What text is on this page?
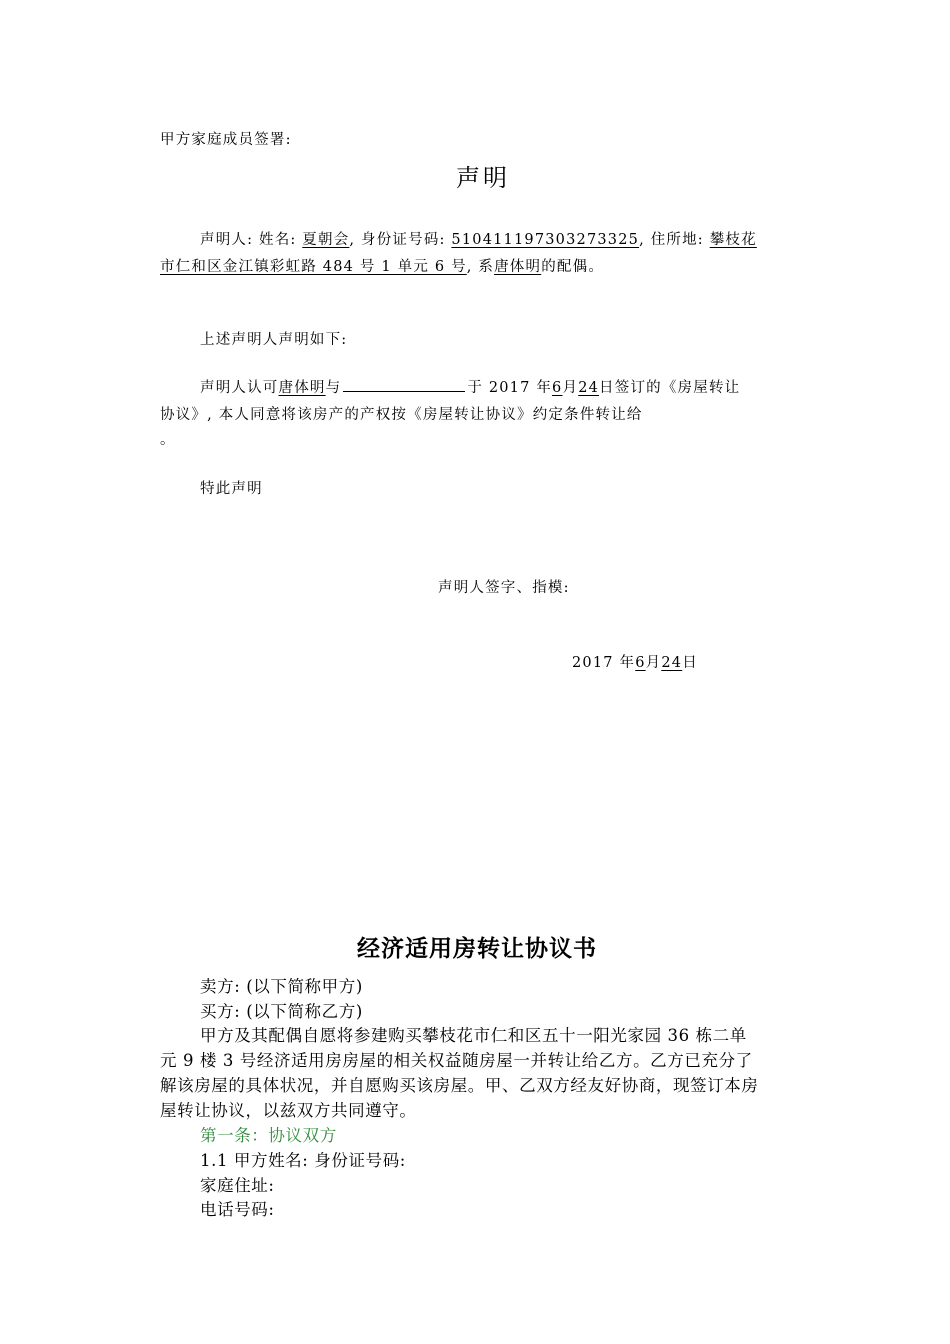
甲方家庭成员签署:
声明
声明人: 姓名: 夏朝会, 身份证号码: 510411197303273325, 住所地: 攀枝花
市仁和区金江镇彩虹路 484 号 1 单元 6 号, 系唐体明的配偶。
上述声明人声明如下:
声明人认可唐体明与	于 2017 年6月24日签订的《房屋转让
协议》, 本人同意将该房产的产权按《房屋转让协议》约定条件转让给
。
特此声明
声明人签字、指模:
2017 年6月24日
经济适用房转让协议书
卖方: (以下简称甲方)
买方: (以下简称乙方)
甲方及其配偶自愿将参建购买攀枝花市仁和区五十一阳光家园 36 栋二单
元 9 楼 3 号经济适用房房屋的相关权益随房屋一并转让给乙方。乙方已充分了
解该房屋的具体状况，并自愿购买该房屋。甲、乙双方经友好协商，现签订本房
屋转让协议，以兹双方共同遵守。
第一条：协议双方
1.1 甲方姓名: 身份证号码:
家庭住址:
电话号码:
